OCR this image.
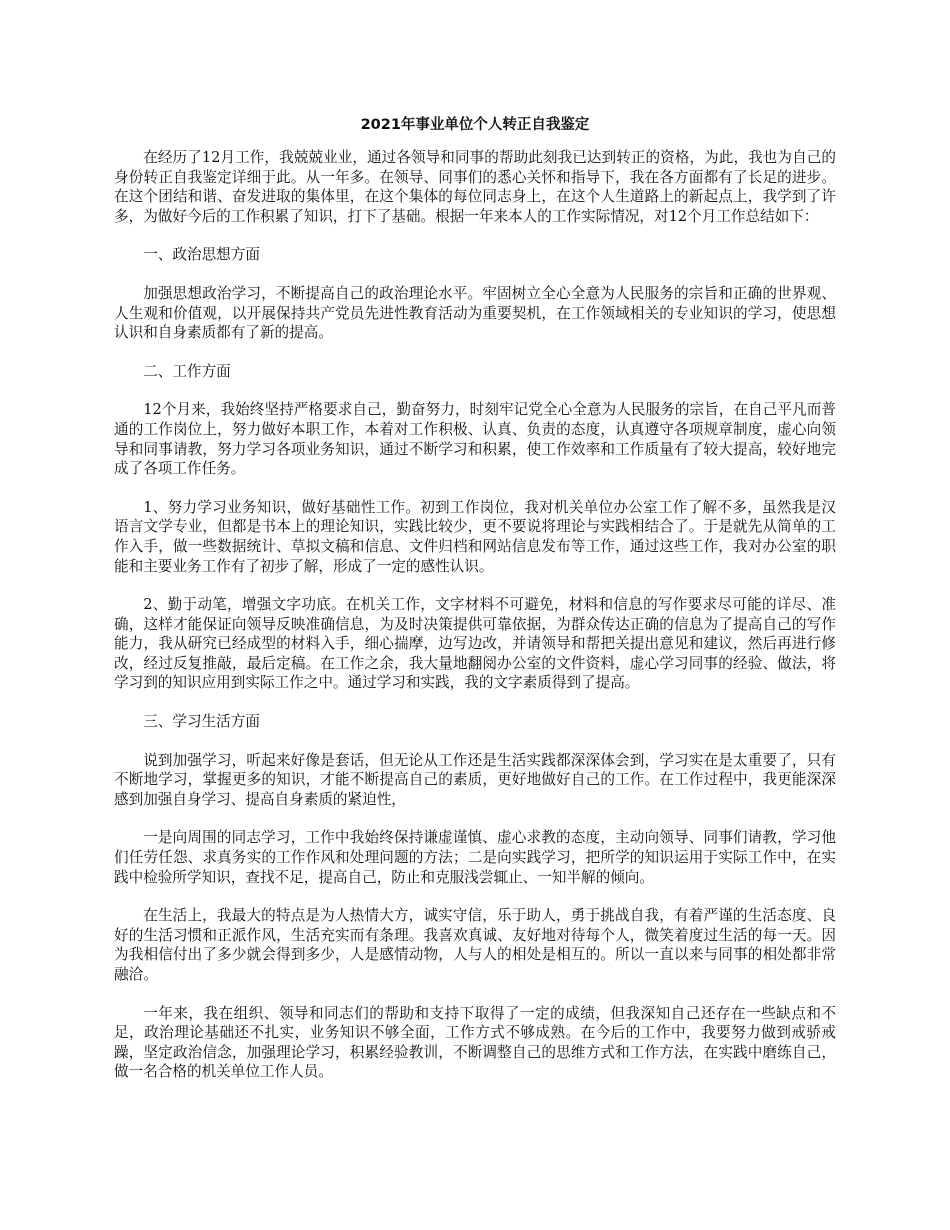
2021年事业单位个人转正自我鉴定

在经历了12月工作，我兢兢业业，通过各领导和同事的帮助此刻我已达到转正的资格，为此，我也为自己的身份转正自我鉴定详细于此。从一年多。在领导、同事们的悉心关怀和指导下，我在各方面都有了长足的进步。在这个团结和谐、奋发进取的集体里，在这个集体的每位同志身上，在这个人生道路上的新起点上，我学到了许多，为做好今后的工作积累了知识，打下了基础。根据一年来本人的工作实际情况，对12个月工作总结如下：

一、政治思想方面

加强思想政治学习，不断提高自己的政治理论水平。牢固树立全心全意为人民服务的宗旨和正确的世界观、人生观和价值观，以开展保持共产党员先进性教育活动为重要契机，在工作领域相关的专业知识的学习，使思想认识和自身素质都有了新的提高。

二、工作方面

12个月来，我始终坚持严格要求自己，勤奋努力，时刻牢记党全心全意为人民服务的宗旨，在自己平凡而普通的工作岗位上，努力做好本职工作，本着对工作积极、认真、负责的态度，认真遵守各项规章制度，虚心向领导和同事请教，努力学习各项业务知识，通过不断学习和积累，使工作效率和工作质量有了较大提高，较好地完成了各项工作任务。

1、努力学习业务知识，做好基础性工作。初到工作岗位，我对机关单位办公室工作了解不多，虽然我是汉语言文学专业，但都是书本上的理论知识，实践比较少，更不要说将理论与实践相结合了。于是就先从简单的工作入手，做一些数据统计、草拟文稿和信息、文件归档和网站信息发布等工作，通过这些工作，我对办公室的职能和主要业务工作有了初步了解，形成了一定的感性认识。

2、勤于动笔，增强文字功底。在机关工作，文字材料不可避免，材料和信息的写作要求尽可能的详尽、准确，这样才能保证向领导反映准确信息，为及时决策提供可靠依据，为群众传达正确的信息为了提高自己的写作能力，我从研究已经成型的材料入手，细心揣摩，边写边改，并请领导和帮把关提出意见和建议，然后再进行修改，经过反复推敲，最后定稿。在工作之余，我大量地翻阅办公室的文件资料，虚心学习同事的经验、做法，将学习到的知识应用到实际工作之中。通过学习和实践，我的文字素质得到了提高。

三、学习生活方面

说到加强学习，听起来好像是套话，但无论从工作还是生活实践都深深体会到，学习实在是太重要了，只有不断地学习，掌握更多的知识，才能不断提高自己的素质，更好地做好自己的工作。在工作过程中，我更能深深感到加强自身学习、提高自身素质的紧迫性，

一是向周围的同志学习，工作中我始终保持谦虚谨慎、虚心求教的态度，主动向领导、同事们请教，学习他们任劳任怨、求真务实的工作作风和处理问题的方法；二是向实践学习，把所学的知识运用于实际工作中，在实践中检验所学知识，查找不足，提高自己，防止和克服浅尝辄止、一知半解的倾向。

在生活上，我最大的特点是为人热情大方，诚实守信，乐于助人，勇于挑战自我，有着严谨的生活态度、良好的生活习惯和正派作风，生活充实而有条理。我喜欢真诚、友好地对待每个人，微笑着度过生活的每一天。因为我相信付出了多少就会得到多少，人是感情动物，人与人的相处是相互的。所以一直以来与同事的相处都非常融洽。

一年来，我在组织、领导和同志们的帮助和支持下取得了一定的成绩，但我深知自己还存在一些缺点和不足，政治理论基础还不扎实，业务知识不够全面，工作方式不够成熟。在今后的工作中，我要努力做到戒骄戒躁，坚定政治信念，加强理论学习，积累经验教训，不断调整自己的思维方式和工作方法，在实践中磨练自己，做一名合格的机关单位工作人员。
